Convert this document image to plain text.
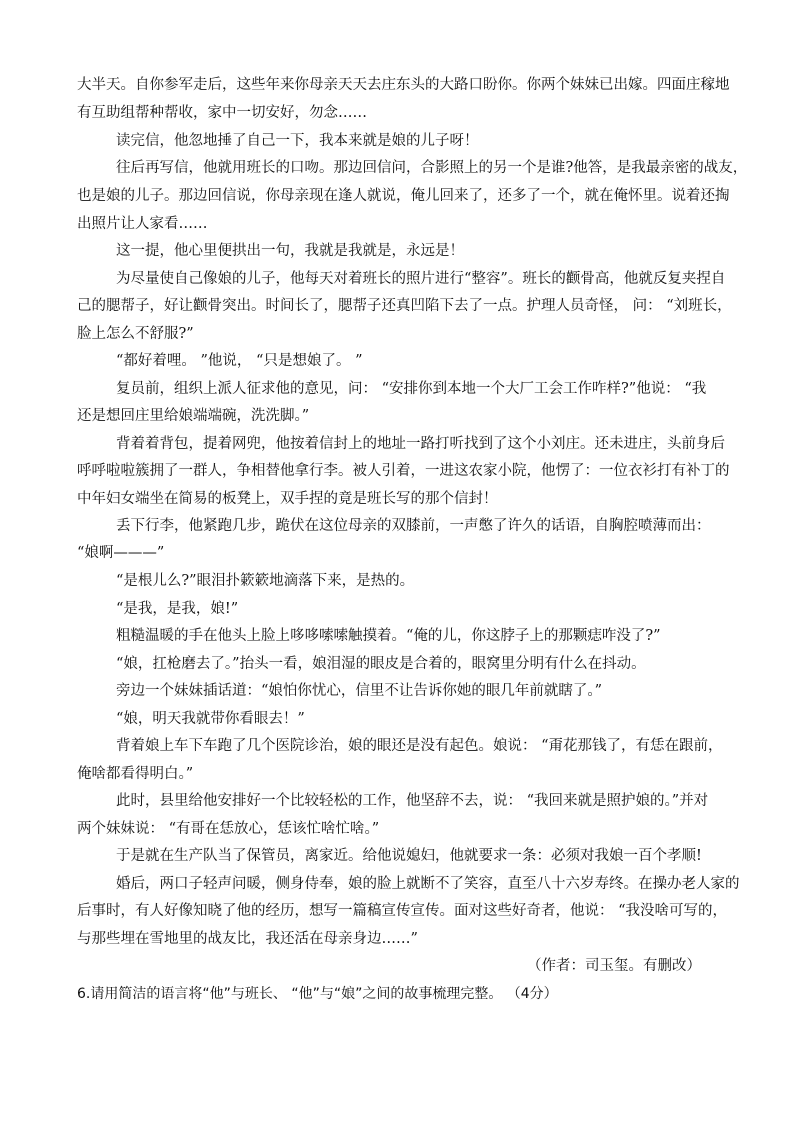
大半天。自你参军走后，这些年来你母亲天天去庄东头的大路口盼你。你两个妹妹已出嫁。四面庄稼地
有互助组帮种帮收，家中一切安好，勿念……
读完信，他忽地捶了自己一下，我本来就是娘的儿子呀！
往后再写信，他就用班长的口吻。那边回信问，合影照上的另一个是谁?他答，是我最亲密的战友，
也是娘的儿子。那边回信说，你母亲现在逢人就说，俺儿回来了，还多了一个，就在俺怀里。说着还掏
出照片让人家看……
这一提，他心里便拱出一句，我就是我就是，永远是！
为尽量使自己像娘的儿子，他每天对着班长的照片进行“整容”。班长的颧骨高，他就反复夹捏自
己的腮帮子，好让颧骨突出。时间长了，腮帮子还真凹陷下去了一点。护理人员奇怪， 问： “刘班长，
脸上怎么不舒服?”
“都好着哩。 ”他说， “只是想娘了。 ”
复员前，组织上派人征求他的意见，问： “安排你到本地一个大厂工会工作咋样?”他说： “我
还是想回庄里给娘端端碗，洗洗脚。”
背着着背包，提着网兜，他按着信封上的地址一路打听找到了这个小刘庄。还未进庄，头前身后
呼呼啦啦簇拥了一群人，争相替他拿行李。被人引着，一进这农家小院，他愣了：一位衣衫打有补丁的
中年妇女端坐在简易的板凳上，双手捏的竟是班长写的那个信封！
丢下行李，他紧跑几步，跪伏在这位母亲的双膝前，一声憋了许久的话语，自胸腔喷薄而出：
“娘啊———”
“是根儿么?”眼泪扑簌簌地滴落下来，是热的。
“是我，是我，娘!”
粗糙温暖的手在他头上脸上哆哆嗦嗦触摸着。“俺的儿，你这脖子上的那颗痣咋没了?”
“娘，扛枪磨去了。”抬头一看，娘泪湿的眼皮是合着的，眼窝里分明有什么在抖动。
旁边一个妹妹插话道：“娘怕你忧心，信里不让告诉你她的眼几年前就瞎了。”
“娘，明天我就带你看眼去！”
背着娘上车下车跑了几个医院诊治，娘的眼还是没有起色。娘说： “甭花那钱了，有恁在跟前，
俺啥都看得明白。”
此时，县里给他安排好一个比较轻松的工作，他坚辞不去，说： “我回来就是照护娘的。”并对
两个妹妹说： “有哥在恁放心，恁该忙啥忙啥。”
于是就在生产队当了保管员，离家近。给他说媳妇，他就要求一条：必须对我娘一百个孝顺!
婚后，两口子轻声问暖，侧身侍奉，娘的脸上就断不了笑容，直至八十六岁寿终。在操办老人家的
后事时，有人好像知晓了他的经历，想写一篇稿宣传宣传。面对这些好奇者，他说： “我没啥可写的，
与那些埋在雪地里的战友比，我还活在母亲身边……”
（作者：司玉玺。有删改）
6.请用简洁的语言将“他”与班长、 “他”与“娘”之间的故事梳理完整。 （4分）
